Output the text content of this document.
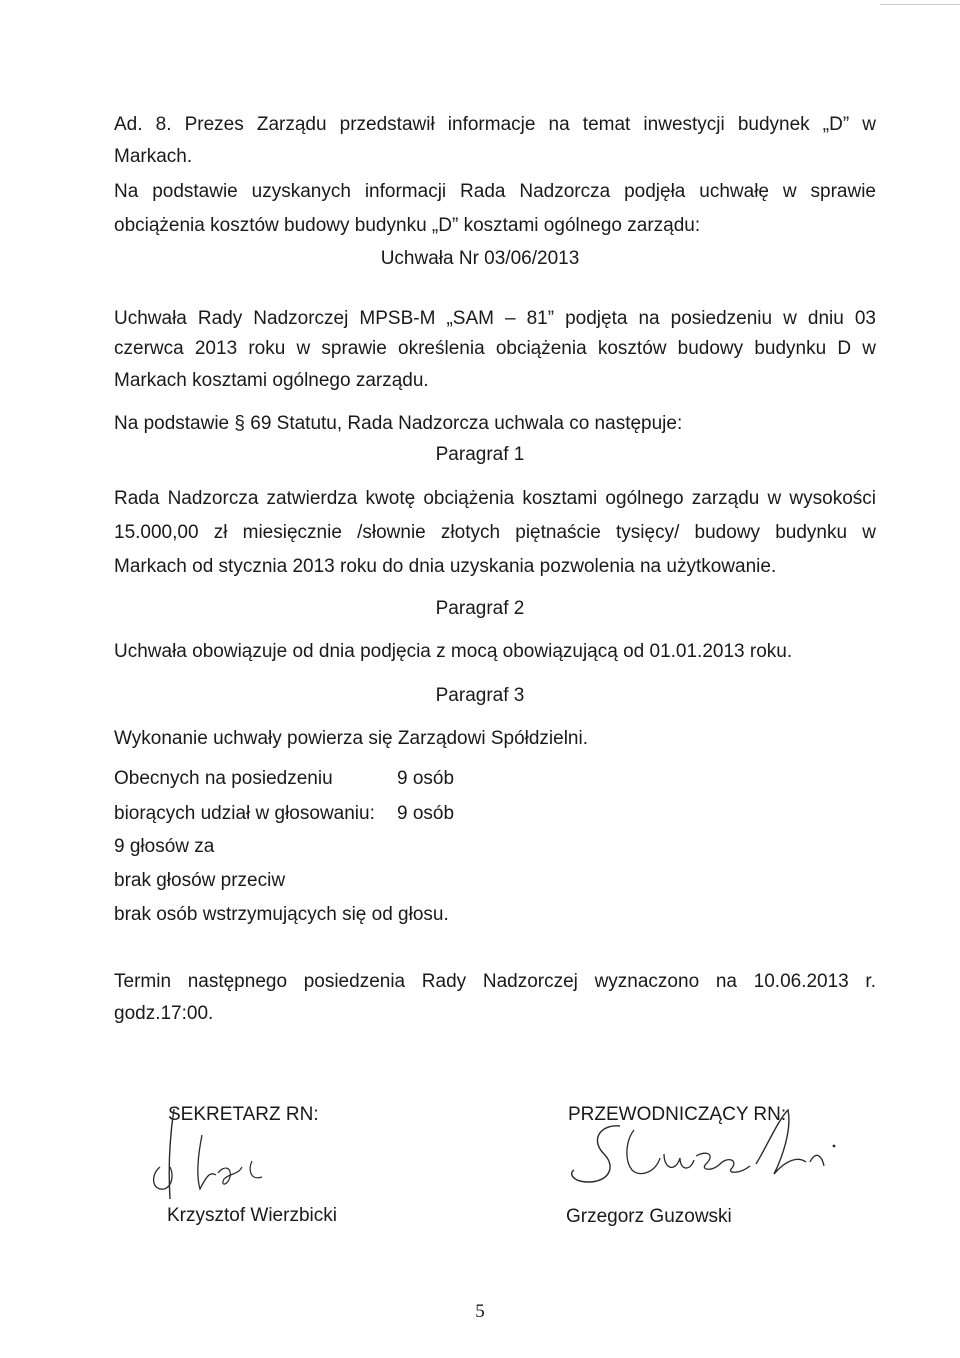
Ad. 8. Prezes Zarządu przedstawił informacje na temat inwestycji budynek „D” w
Markach.
Na podstawie uzyskanych informacji Rada Nadzorcza podjęła uchwałę w sprawie
obciążenia kosztów budowy budynku „D” kosztami ogólnego zarządu:
Uchwała Nr 03/06/2013
Uchwała Rady Nadzorczej MPSB-M „SAM – 81” podjęta na posiedzeniu w dniu 03
czerwca 2013 roku w sprawie określenia obciążenia kosztów budowy budynku D w
Markach kosztami ogólnego zarządu.
Na podstawie § 69 Statutu, Rada Nadzorcza uchwala co następuje:
Paragraf 1
Rada Nadzorcza zatwierdza kwotę obciążenia kosztami ogólnego zarządu w wysokości
15.000,00 zł miesięcznie /słownie złotych piętnaście tysięcy/ budowy budynku w
Markach od stycznia 2013 roku do dnia uzyskania pozwolenia na użytkowanie.
Paragraf 2
Uchwała obowiązuje od dnia podjęcia z mocą obowiązującą od 01.01.2013 roku.
Paragraf 3
Wykonanie uchwały powierza się Zarządowi Spółdzielni.
Obecnych na posiedzeniu	9 osób
biorących udział w głosowaniu: 9 osób
9 głosów za
brak głosów przeciw
brak osób wstrzymujących się od głosu.
Termin następnego posiedzenia Rady Nadzorczej wyznaczono na 10.06.2013 r.
godz.17:00.
SEKRETARZ RN:
Krzysztof Wierzbicki
PRZEWODNICZĄCY RN:
Grzegorz Guzowski
5
